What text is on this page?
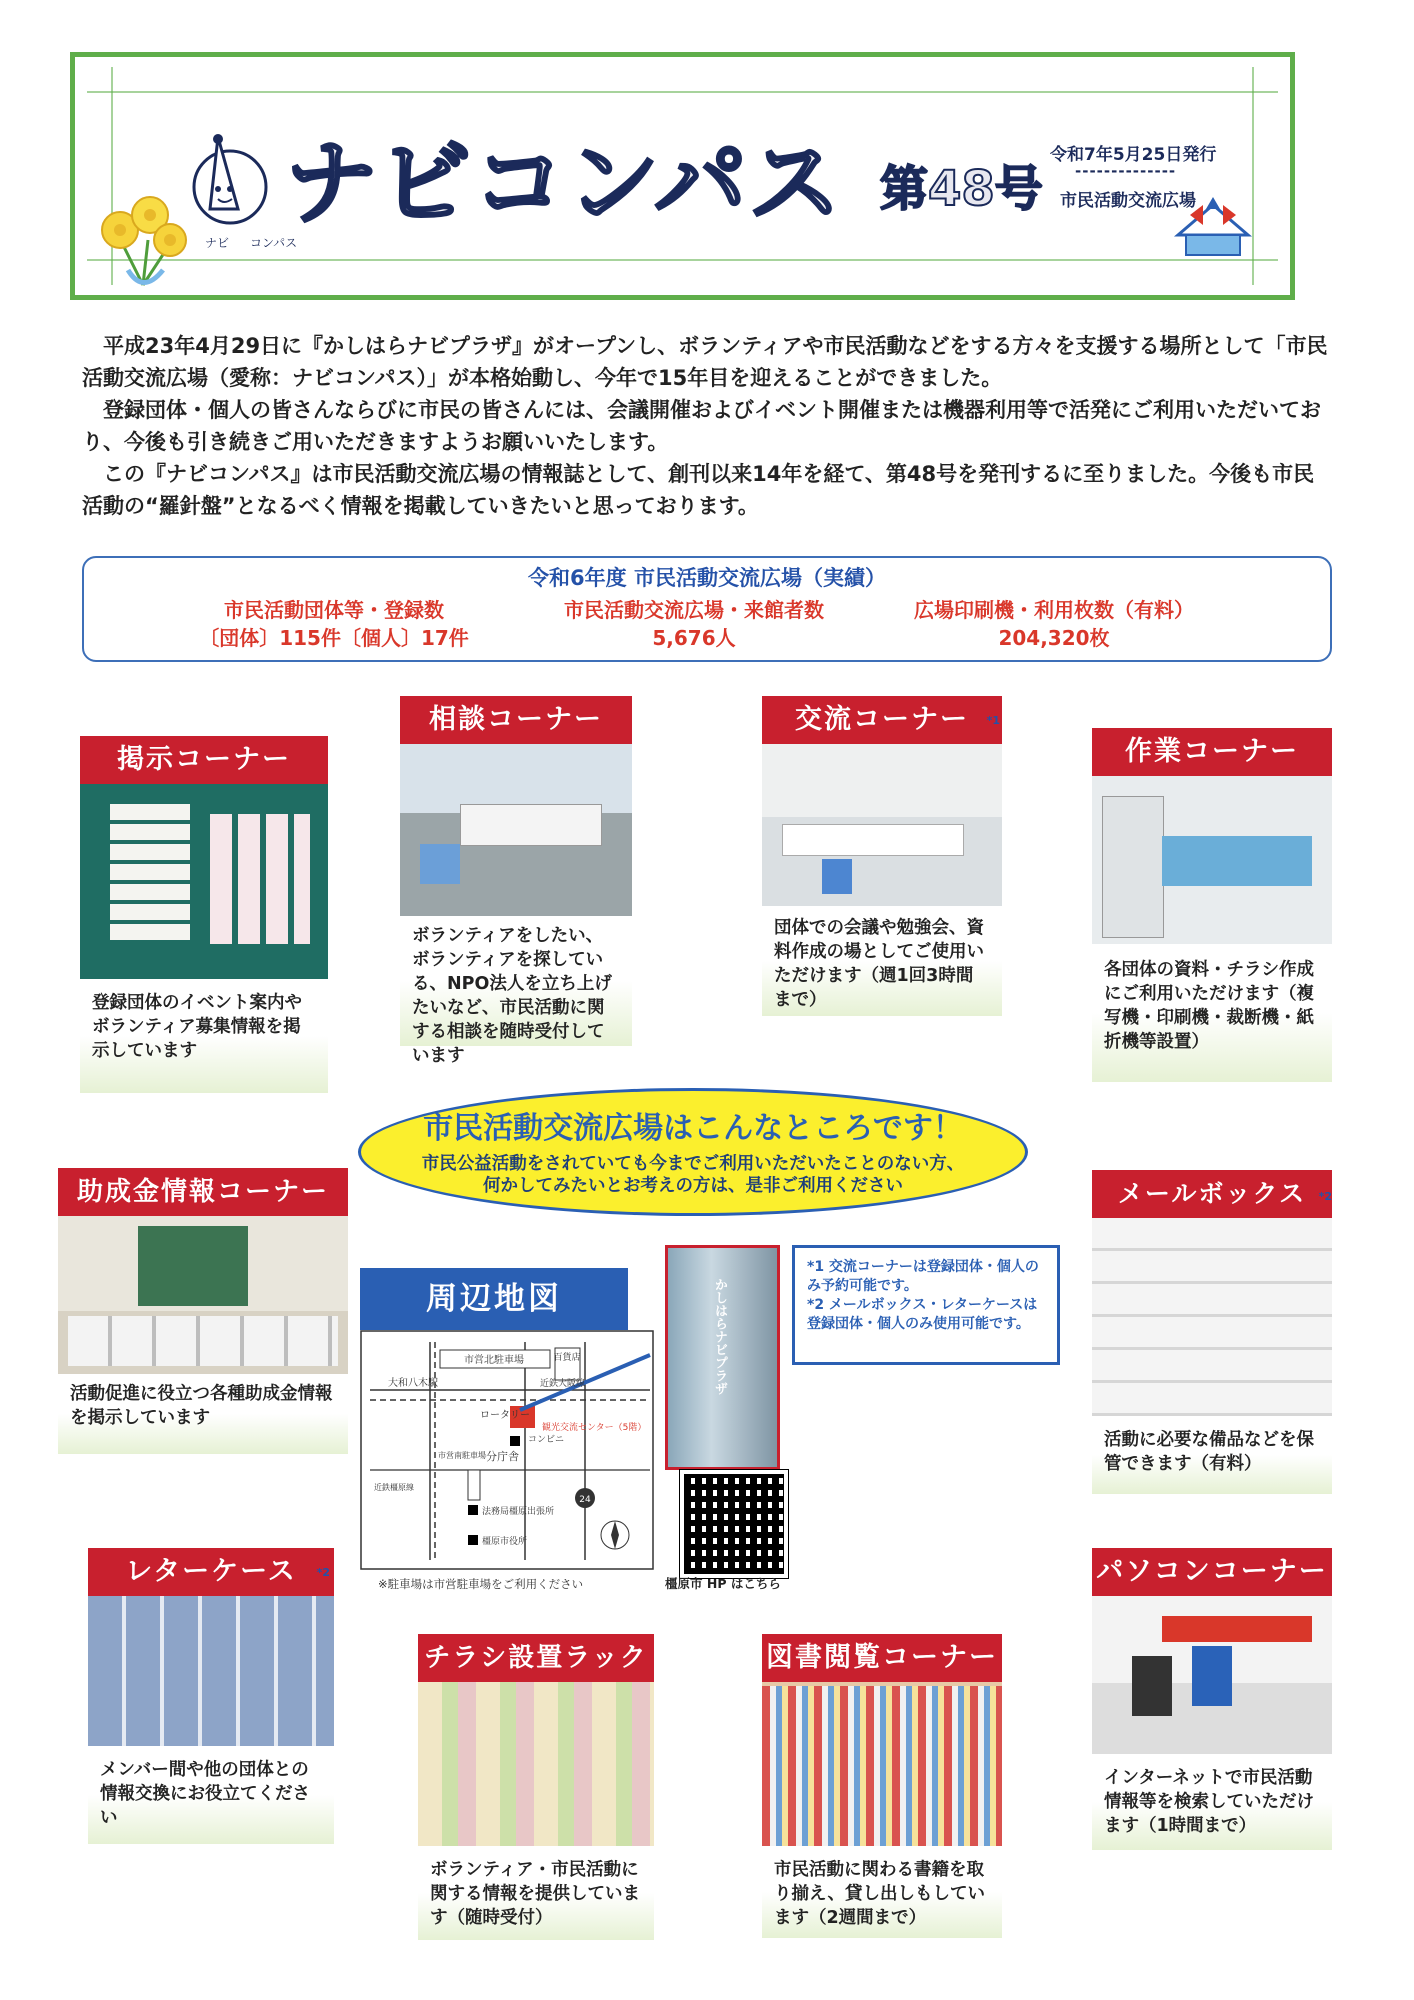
ナビ コンパス
ナビコンパス 第48号
令和7年5月25日発行
--------------
市民活動交流広場

平成23年4月29日に『かしはらナビプラザ』がオープンし、ボランティアや市民活動などをする方々を支援する場所として「市民活動交流広場（愛称：ナビコンパス）」が本格始動し、今年で15年目を迎えることができました。

登録団体・個人の皆さんならびに市民の皆さんには、会議開催およびイベント開催または機器利用等で活発にご利用いただいており、今後も引き続きご用いただきますようお願いいたします。

この『ナビコンパス』は市民活動交流広場の情報誌として、創刊以来14年を経て、第48号を発刊するに至りました。今後も市民活動の“羅針盤”となるべく情報を掲載していきたいと思っております。

令和6年度 市民活動交流広場（実績）
市民活動団体等・登録数
〔団体〕115件〔個人〕17件
市民活動交流広場・来館者数
5,676人
広場印刷機・利用枚数（有料）
204,320枚
掲示コーナー
登録団体のイベント案内やボランティア募集情報を掲示しています
相談コーナー
ボランティアをしたい、ボランティアを探している、NPO法人を立ち上げたいなど、市民活動に関する相談を随時受付しています
交流コーナー	*1
団体での会議や勉強会、資料作成の場としてご使用いただけます（週1回3時間まで）
作業コーナー
各団体の資料・チラシ作成にご利用いただけます（複写機・印刷機・裁断機・紙折機等設置）
助成金情報コーナー
活動促進に役立つ各種助成金情報を掲示しています
メールボックス	*2
活動に必要な備品などを保管できます（有料）
レターケース	*2
メンバー間や他の団体との情報交換にお役立てください
チラシ設置ラック
ボランティア・市民活動に関する情報を提供しています（随時受付）
図書閲覧コーナー
市民活動に関わる書籍を取り揃え、貸し出しもしています（2週間まで）
パソコンコーナー
インターネットで市民活動情報等を検索していただけます（1時間まで）
市民活動交流広場はこんなところです！
市民公益活動をされていても今までご利用いただいたことのない方、
何かしてみたいとお考えの方は、是非ご利用ください
周辺地図
市営北駐車場	百貨店
大和八木駅	近鉄大阪線
ロータリー
分庁舎
コンビニ
市営南駐車場
近鉄橿原線
法務局橿原出張所
橿原市役所
観光交流センター（5階）
24
※駐車場は市営駐車場をご利用ください
かしはらナビプラザ
橿原市 HP はこちら
*1 交流コーナーは登録団体・個人のみ予約可能です。
*2 メールボックス・レターケースは登録団体・個人のみ使用可能です。
